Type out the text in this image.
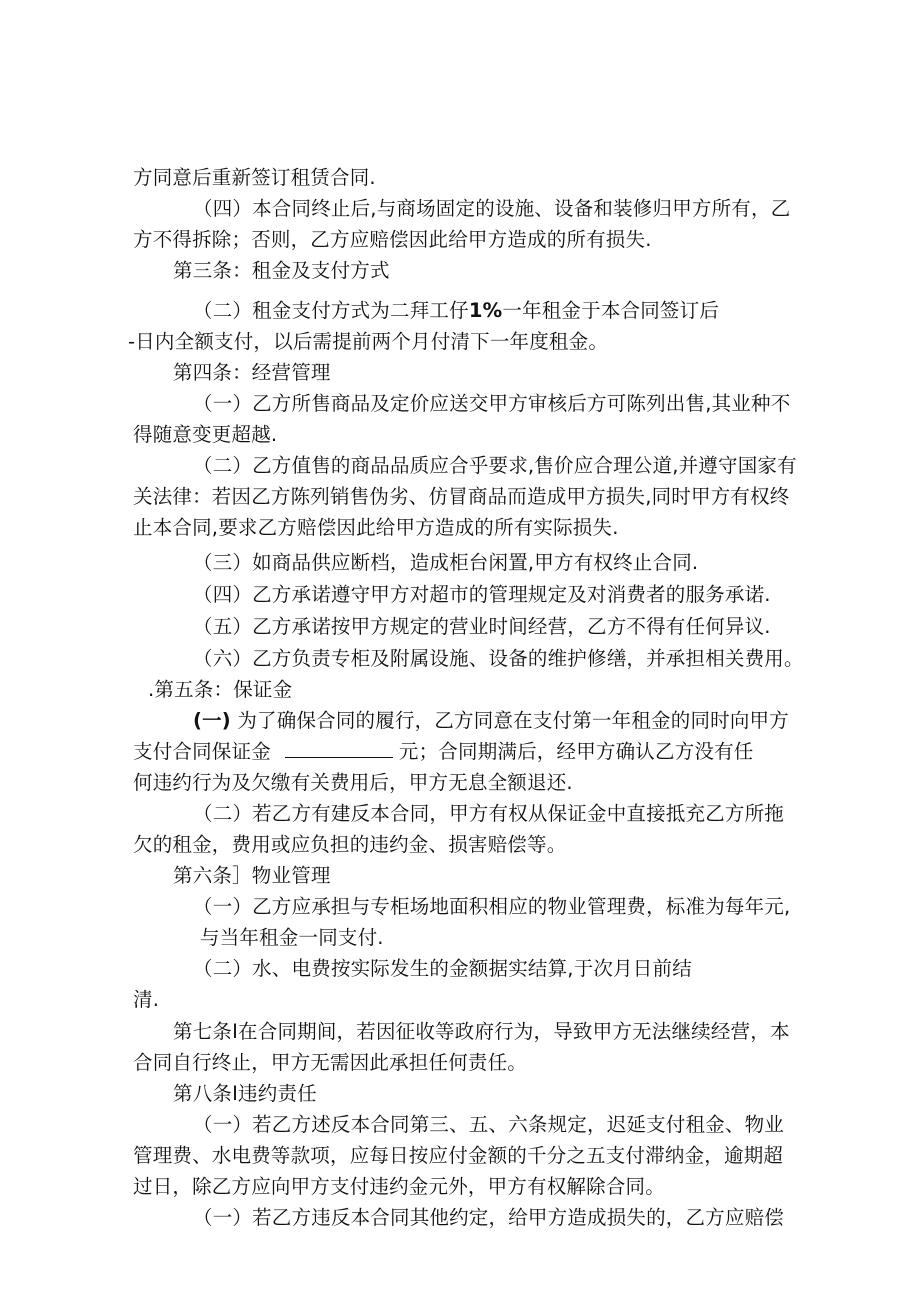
方同意后重新签订租赁合同.
（四）本合同终止后,与商场固定的设施、设备和装修归甲方所有，乙
方不得拆除；否则，乙方应赔偿因此给甲方造成的所有损失.
第三条：租金及支付方式
（二）租金支付方式为二拜工仔1%一年租金于本合同签订后
-日内全额支付，以后需提前两个月付清下一年度租金。
第四条：经营管理
（一）乙方所售商品及定价应送交甲方审核后方可陈列出售,其业种不
得随意变更超越.
（二）乙方值售的商品品质应合乎要求,售价应合理公道,并遵守国家有
关法律：若因乙方陈列销售伪劣、仿冒商品而造成甲方损失,同时甲方有权终
止本合同,要求乙方赔偿因此给甲方造成的所有实际损失.
（三）如商品供应断档，造成柜台闲置,甲方有权终止合同.
（四）乙方承诺遵守甲方对超市的管理规定及对消费者的服务承诺.
（五）乙方承诺按甲方规定的营业时间经营，乙方不得有任何异议.
（六）乙方负责专柜及附属设施、设备的维护修缮，并承担相关费用。
.第五条：保证金
(一) 为了确保合同的履行，乙方同意在支付第一年租金的同时向甲方
支付合同保证金	元；合同期满后，经甲方确认乙方没有任
何违约行为及欠缴有关费用后，甲方无息全额退还.
（二）若乙方有建反本合同，甲方有权从保证金中直接抵充乙方所拖
欠的租金，费用或应负担的违约金、损害赔偿等。
第六条］物业管理
（一）乙方应承担与专柜场地面积相应的物业管理费，标准为每年元,
与当年租金一同支付.
（二）水、电费按实际发生的金额据实结算,于次月日前结
清.
第七条I在合同期间，若因征收等政府行为，导致甲方无法继续经营，本
合同自行终止，甲方无需因此承担任何责任。
第八条I违约责任
（一）若乙方述反本合同第三、五、六条规定，迟延支付租金、物业
管理费、水电费等款项，应每日按应付金额的千分之五支付滞纳金，逾期超
过日，除乙方应向甲方支付违约金元外，甲方有权解除合同。
（一）若乙方违反本合同其他约定，给甲方造成损失的，乙方应赔偿
